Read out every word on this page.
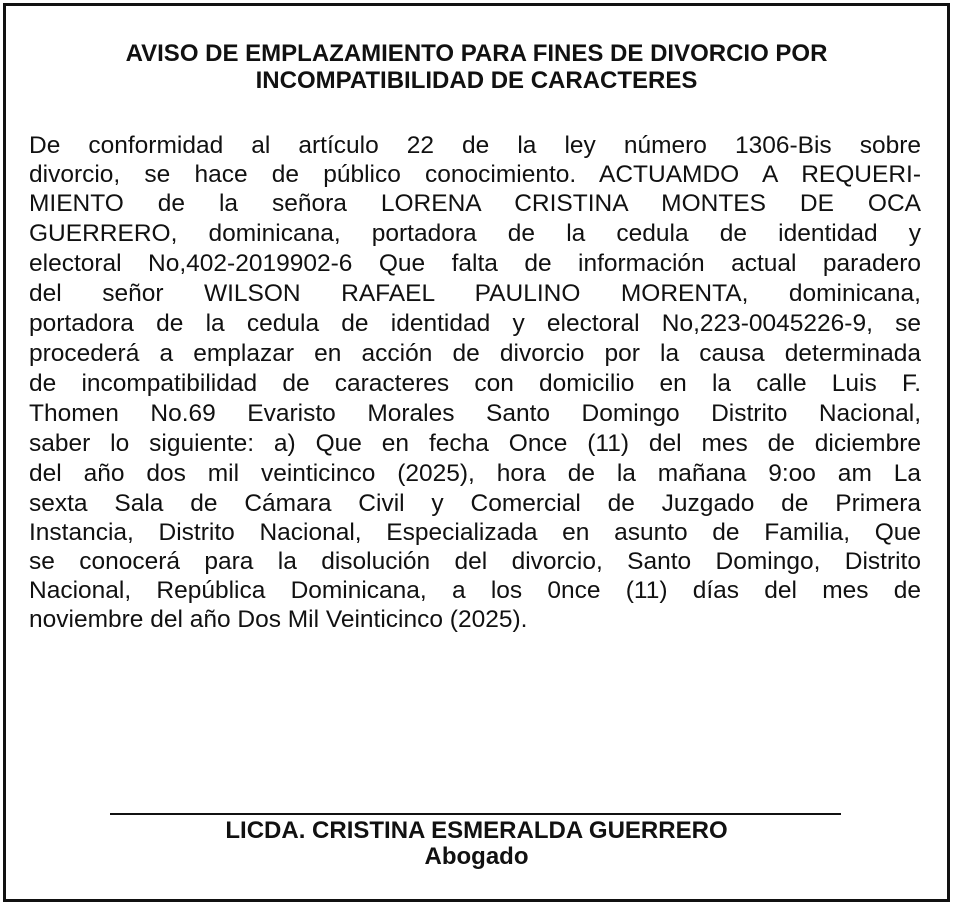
AVISO DE EMPLAZAMIENTO PARA FINES DE DIVORCIO POR
INCOMPATIBILIDAD DE CARACTERES
De conformidad al artículo 22 de la ley número 1306-Bis sobre
divorcio, se hace de público conocimiento. ACTUAMDO A REQUERI-
MIENTO de la señora LORENA CRISTINA MONTES DE OCA
GUERRERO, dominicana, portadora de la cedula de identidad y
electoral No,402-2019902-6 Que falta de información actual paradero
del señor WILSON RAFAEL PAULINO MORENTA, dominicana,
portadora de la cedula de identidad y electoral No,223-0045226-9, se
procederá a emplazar en acción de divorcio por la causa determinada
de incompatibilidad de caracteres con domicilio en la calle Luis F.
Thomen No.69 Evaristo Morales Santo Domingo Distrito Nacional,
saber lo siguiente: a) Que en fecha Once (11) del mes de diciembre
del año dos mil veinticinco (2025), hora de la mañana 9:oo am La
sexta Sala de Cámara Civil y Comercial de Juzgado de Primera
Instancia, Distrito Nacional, Especializada en asunto de Familia, Que
se conocerá para la disolución del divorcio, Santo Domingo, Distrito
Nacional, República Dominicana, a los 0nce (11) días del mes de
noviembre del año Dos Mil Veinticinco (2025).
LICDA. CRISTINA ESMERALDA GUERRERO
Abogado
